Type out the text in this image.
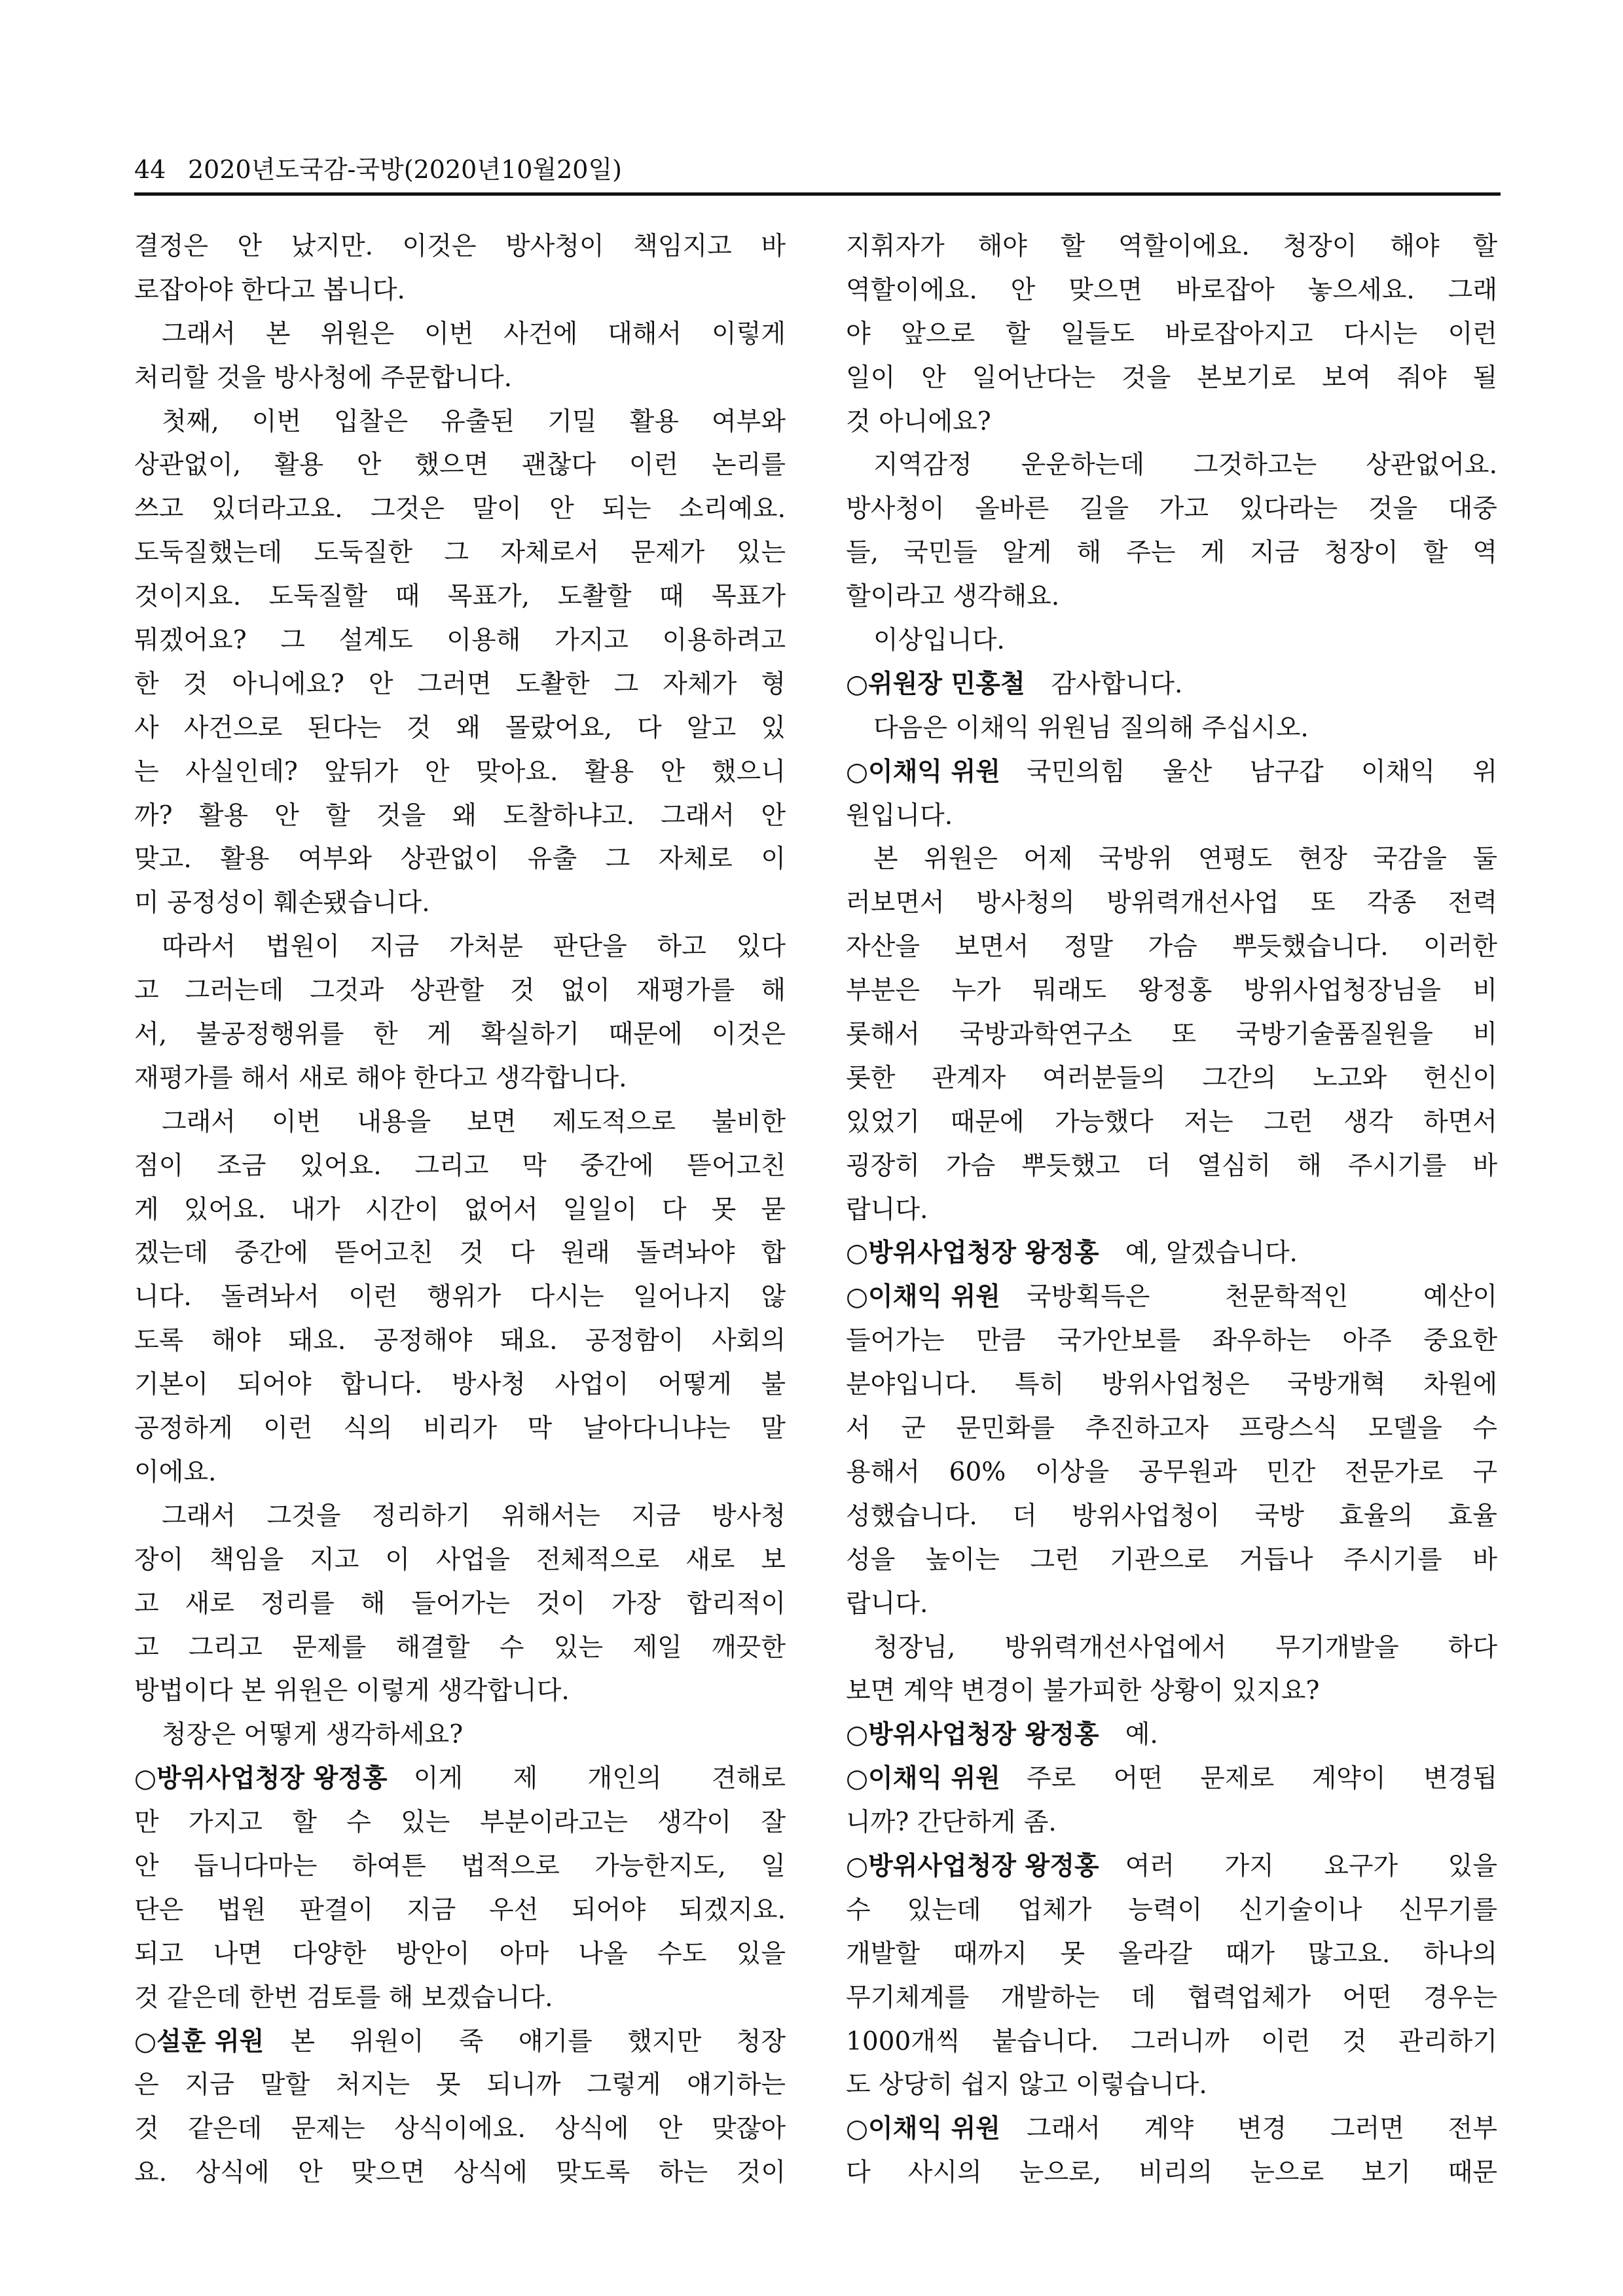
44 2020년도국감-국방(2020년10월20일)
결정은 안 났지만. 이것은 방사청이 책임지고 바
로잡아야 한다고 봅니다.
그래서 본 위원은 이번 사건에 대해서 이렇게
처리할 것을 방사청에 주문합니다.
첫째, 이번 입찰은 유출된 기밀 활용 여부와
상관없이, 활용 안 했으면 괜찮다 이런 논리를
쓰고 있더라고요. 그것은 말이 안 되는 소리예요.
도둑질했는데 도둑질한 그 자체로서 문제가 있는
것이지요. 도둑질할 때 목표가, 도촬할 때 목표가
뭐겠어요? 그 설계도 이용해 가지고 이용하려고
한 것 아니에요? 안 그러면 도촬한 그 자체가 형
사 사건으로 된다는 것 왜 몰랐어요, 다 알고 있
는 사실인데? 앞뒤가 안 맞아요. 활용 안 했으니
까? 활용 안 할 것을 왜 도찰하냐고. 그래서 안
맞고. 활용 여부와 상관없이 유출 그 자체로 이
미 공정성이 훼손됐습니다.
따라서 법원이 지금 가처분 판단을 하고 있다
고 그러는데 그것과 상관할 것 없이 재평가를 해
서, 불공정행위를 한 게 확실하기 때문에 이것은
재평가를 해서 새로 해야 한다고 생각합니다.
그래서 이번 내용을 보면 제도적으로 불비한
점이 조금 있어요. 그리고 막 중간에 뜯어고친
게 있어요. 내가 시간이 없어서 일일이 다 못 묻
겠는데 중간에 뜯어고친 것 다 원래 돌려놔야 합
니다. 돌려놔서 이런 행위가 다시는 일어나지 않
도록 해야 돼요. 공정해야 돼요. 공정함이 사회의
기본이 되어야 합니다. 방사청 사업이 어떻게 불
공정하게 이런 식의 비리가 막 날아다니냐는 말
이에요.
그래서 그것을 정리하기 위해서는 지금 방사청
장이 책임을 지고 이 사업을 전체적으로 새로 보
고 새로 정리를 해 들어가는 것이 가장 합리적이
고 그리고 문제를 해결할 수 있는 제일 깨끗한
방법이다 본 위원은 이렇게 생각합니다.
청장은 어떻게 생각하세요?
○방위사업청장 왕정홍 이게 제 개인의 견해로
만 가지고 할 수 있는 부분이라고는 생각이 잘
안 듭니다마는 하여튼 법적으로 가능한지도, 일
단은 법원 판결이 지금 우선 되어야 되겠지요.
되고 나면 다양한 방안이 아마 나올 수도 있을
것 같은데 한번 검토를 해 보겠습니다.
○설훈 위원 본 위원이 죽 얘기를 했지만 청장
은 지금 말할 처지는 못 되니까 그렇게 얘기하는
것 같은데 문제는 상식이에요. 상식에 안 맞잖아
요. 상식에 안 맞으면 상식에 맞도록 하는 것이
지휘자가 해야 할 역할이에요. 청장이 해야 할
역할이에요. 안 맞으면 바로잡아 놓으세요. 그래
야 앞으로 할 일들도 바로잡아지고 다시는 이런
일이 안 일어난다는 것을 본보기로 보여 줘야 될
것 아니에요?
지역감정 운운하는데 그것하고는 상관없어요.
방사청이 올바른 길을 가고 있다라는 것을 대중
들, 국민들 알게 해 주는 게 지금 청장이 할 역
할이라고 생각해요.
이상입니다.
○위원장 민홍철 감사합니다.
다음은 이채익 위원님 질의해 주십시오.
○이채익 위원 국민의힘 울산 남구갑 이채익 위
원입니다.
본 위원은 어제 국방위 연평도 현장 국감을 둘
러보면서 방사청의 방위력개선사업 또 각종 전력
자산을 보면서 정말 가슴 뿌듯했습니다. 이러한
부분은 누가 뭐래도 왕정홍 방위사업청장님을 비
롯해서 국방과학연구소 또 국방기술품질원을 비
롯한 관계자 여러분들의 그간의 노고와 헌신이
있었기 때문에 가능했다 저는 그런 생각 하면서
굉장히 가슴 뿌듯했고 더 열심히 해 주시기를 바
랍니다.
○방위사업청장 왕정홍 예, 알겠습니다.
○이채익 위원 국방획득은 천문학적인 예산이
들어가는 만큼 국가안보를 좌우하는 아주 중요한
분야입니다. 특히 방위사업청은 국방개혁 차원에
서 군 문민화를 추진하고자 프랑스식 모델을 수
용해서 60% 이상을 공무원과 민간 전문가로 구
성했습니다. 더 방위사업청이 국방 효율의 효율
성을 높이는 그런 기관으로 거듭나 주시기를 바
랍니다.
청장님, 방위력개선사업에서 무기개발을 하다
보면 계약 변경이 불가피한 상황이 있지요?
○방위사업청장 왕정홍 예.
○이채익 위원 주로 어떤 문제로 계약이 변경됩
니까? 간단하게 좀.
○방위사업청장 왕정홍 여러 가지 요구가 있을
수 있는데 업체가 능력이 신기술이나 신무기를
개발할 때까지 못 올라갈 때가 많고요. 하나의
무기체계를 개발하는 데 협력업체가 어떤 경우는
1000개씩 붙습니다. 그러니까 이런 것 관리하기
도 상당히 쉽지 않고 이렇습니다.
○이채익 위원 그래서 계약 변경 그러면 전부
다 사시의 눈으로, 비리의 눈으로 보기 때문
